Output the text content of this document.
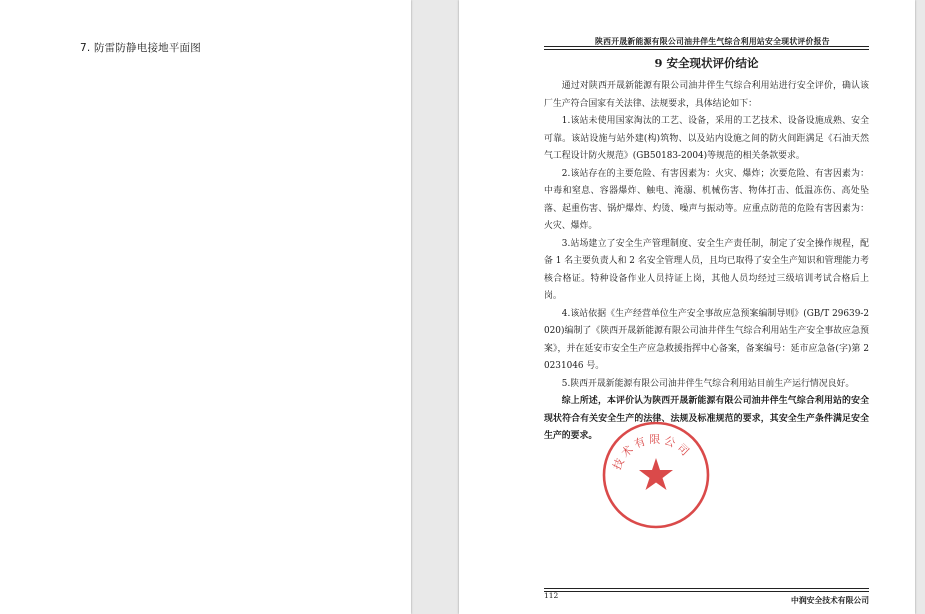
7. 防雷防静电接地平面图
陕西开晟新能源有限公司油井伴生气综合利用站安全现状评价报告
9 安全现状评价结论

通过对陕西开晟新能源有限公司油井伴生气综合利用站进行安全评价，确认该厂生产符合国家有关法律、法规要求，具体结论如下：

1.该站未使用国家淘汰的工艺、设备，采用的工艺技术、设备设施成熟、安全可靠。该站设施与站外建(构)筑物、以及站内设施之间的防火间距满足《石油天然气工程设计防火规范》(GB50183-2004)等规范的相关条款要求。

2.该站存在的主要危险、有害因素为：火灾、爆炸；次要危险、有害因素为：中毒和窒息、容器爆炸、触电、淹溺、机械伤害、物体打击、低温冻伤、高处坠落、起重伤害、锅炉爆炸、灼烫、噪声与振动等。应重点防范的危险有害因素为：火灾、爆炸。

3.站场建立了安全生产管理制度、安全生产责任制，制定了安全操作规程，配备 1 名主要负责人和 2 名安全管理人员，且均已取得了安全生产知识和管理能力考核合格证。特种设备作业人员持证上岗，其他人员均经过三级培训考试合格后上岗。

4.该站依据《生产经营单位生产安全事故应急预案编制导则》(GB/T 29639-2020)编制了《陕西开晟新能源有限公司油井伴生气综合利用站生产安全事故应急预案》，并在延安市安全生产应急救援指挥中心备案，备案编号：延市应急备(字)第 20231046 号。

5.陕西开晟新能源有限公司油井伴生气综合利用站目前生产运行情况良好。

综上所述，本评价认为陕西开晟新能源有限公司油井伴生气综合利用站的安全现状符合有关安全生产的法律、法规及标准规范的要求，其安全生产条件满足安全生产的要求。

技术有限公司
112
中润安全技术有限公司
